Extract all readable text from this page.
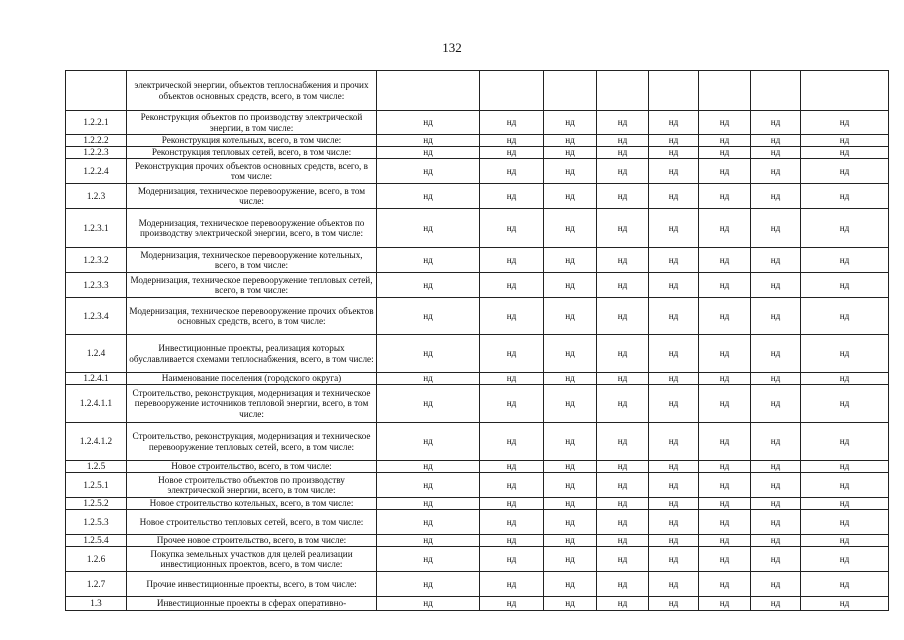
132
	электрической энергии, объектов теплоснабжения и прочих объектов основных средств, всего, в том числе:								
1.2.2.1	Реконструкция объектов по производству электрической энергии, в том числе:	нд	нд	нд	нд	нд	нд	нд	нд
1.2.2.2	Реконструкция котельных, всего, в том числе:	нд	нд	нд	нд	нд	нд	нд	нд
1.2.2.3	Реконструкция тепловых сетей, всего, в том числе:	нд	нд	нд	нд	нд	нд	нд	нд
1.2.2.4	Реконструкция прочих объектов основных средств, всего, в том числе:	нд	нд	нд	нд	нд	нд	нд	нд
1.2.3	Модернизация, техническое перевооружение, всего, в том числе:	нд	нд	нд	нд	нд	нд	нд	нд
1.2.3.1	Модернизация, техническое перевооружение объектов по производству электрической энергии, всего, в том числе:	нд	нд	нд	нд	нд	нд	нд	нд
1.2.3.2	Модернизация, техническое перевооружение котельных, всего, в том числе:	нд	нд	нд	нд	нд	нд	нд	нд
1.2.3.3	Модернизация, техническое перевооружение тепловых сетей, всего, в том числе:	нд	нд	нд	нд	нд	нд	нд	нд
1.2.3.4	Модернизация, техническое перевооружение прочих объектов основных средств, всего, в том числе:	нд	нд	нд	нд	нд	нд	нд	нд
1.2.4	Инвестиционные проекты, реализация которых обуславливается схемами теплоснабжения, всего, в том числе:	нд	нд	нд	нд	нд	нд	нд	нд
1.2.4.1	Наименование поселения (городского округа)	нд	нд	нд	нд	нд	нд	нд	нд
1.2.4.1.1	Строительство, реконструкция, модернизация и техническое перевооружение источников тепловой энергии, всего, в том числе:	нд	нд	нд	нд	нд	нд	нд	нд
1.2.4.1.2	Строительство, реконструкция, модернизация и техническое перевооружение тепловых сетей, всего, в том числе:	нд	нд	нд	нд	нд	нд	нд	нд
1.2.5	Новое строительство, всего, в том числе:	нд	нд	нд	нд	нд	нд	нд	нд
1.2.5.1	Новое строительство объектов по производству электрической энергии, всего, в том числе:	нд	нд	нд	нд	нд	нд	нд	нд
1.2.5.2	Новое строительство котельных, всего, в том числе:	нд	нд	нд	нд	нд	нд	нд	нд
1.2.5.3	Новое строительство тепловых сетей, всего, в том числе:	нд	нд	нд	нд	нд	нд	нд	нд
1.2.5.4	Прочее новое строительство, всего, в том числе:	нд	нд	нд	нд	нд	нд	нд	нд
1.2.6	Покупка земельных участков для целей реализации инвестиционных проектов, всего, в том числе:	нд	нд	нд	нд	нд	нд	нд	нд
1.2.7	Прочие инвестиционные проекты, всего, в том числе:	нд	нд	нд	нд	нд	нд	нд	нд
1.3	Инвестиционные проекты в сферах оперативно-	нд	нд	нд	нд	нд	нд	нд	нд
